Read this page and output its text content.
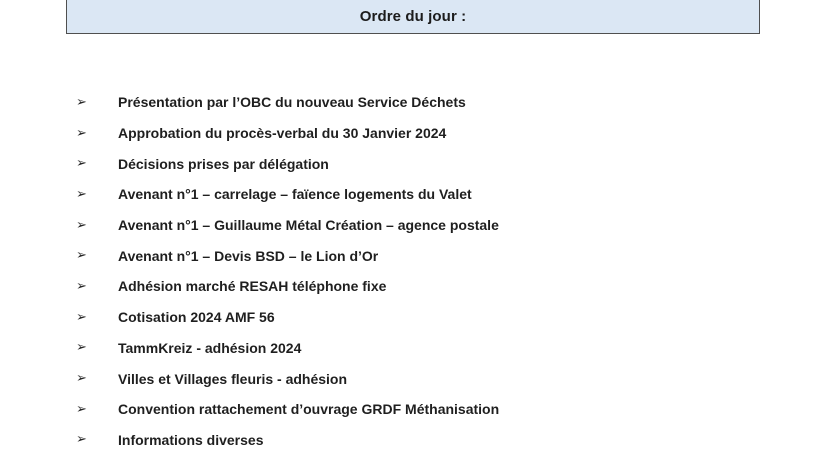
Ordre du jour :
➢	Présentation par l’OBC du nouveau Service Déchets
➢	Approbation du procès-verbal du 30 Janvier 2024
➢	Décisions prises par délégation
➢	Avenant n°1 – carrelage – faïence logements du Valet
➢	Avenant n°1 – Guillaume Métal Création – agence postale
➢	Avenant n°1 – Devis BSD – le Lion d’Or
➢	Adhésion marché RESAH téléphone fixe
➢	Cotisation 2024 AMF 56
➢	TammKreiz - adhésion 2024
➢	Villes et Villages fleuris - adhésion
➢	Convention rattachement d’ouvrage GRDF Méthanisation
➢	Informations diverses
